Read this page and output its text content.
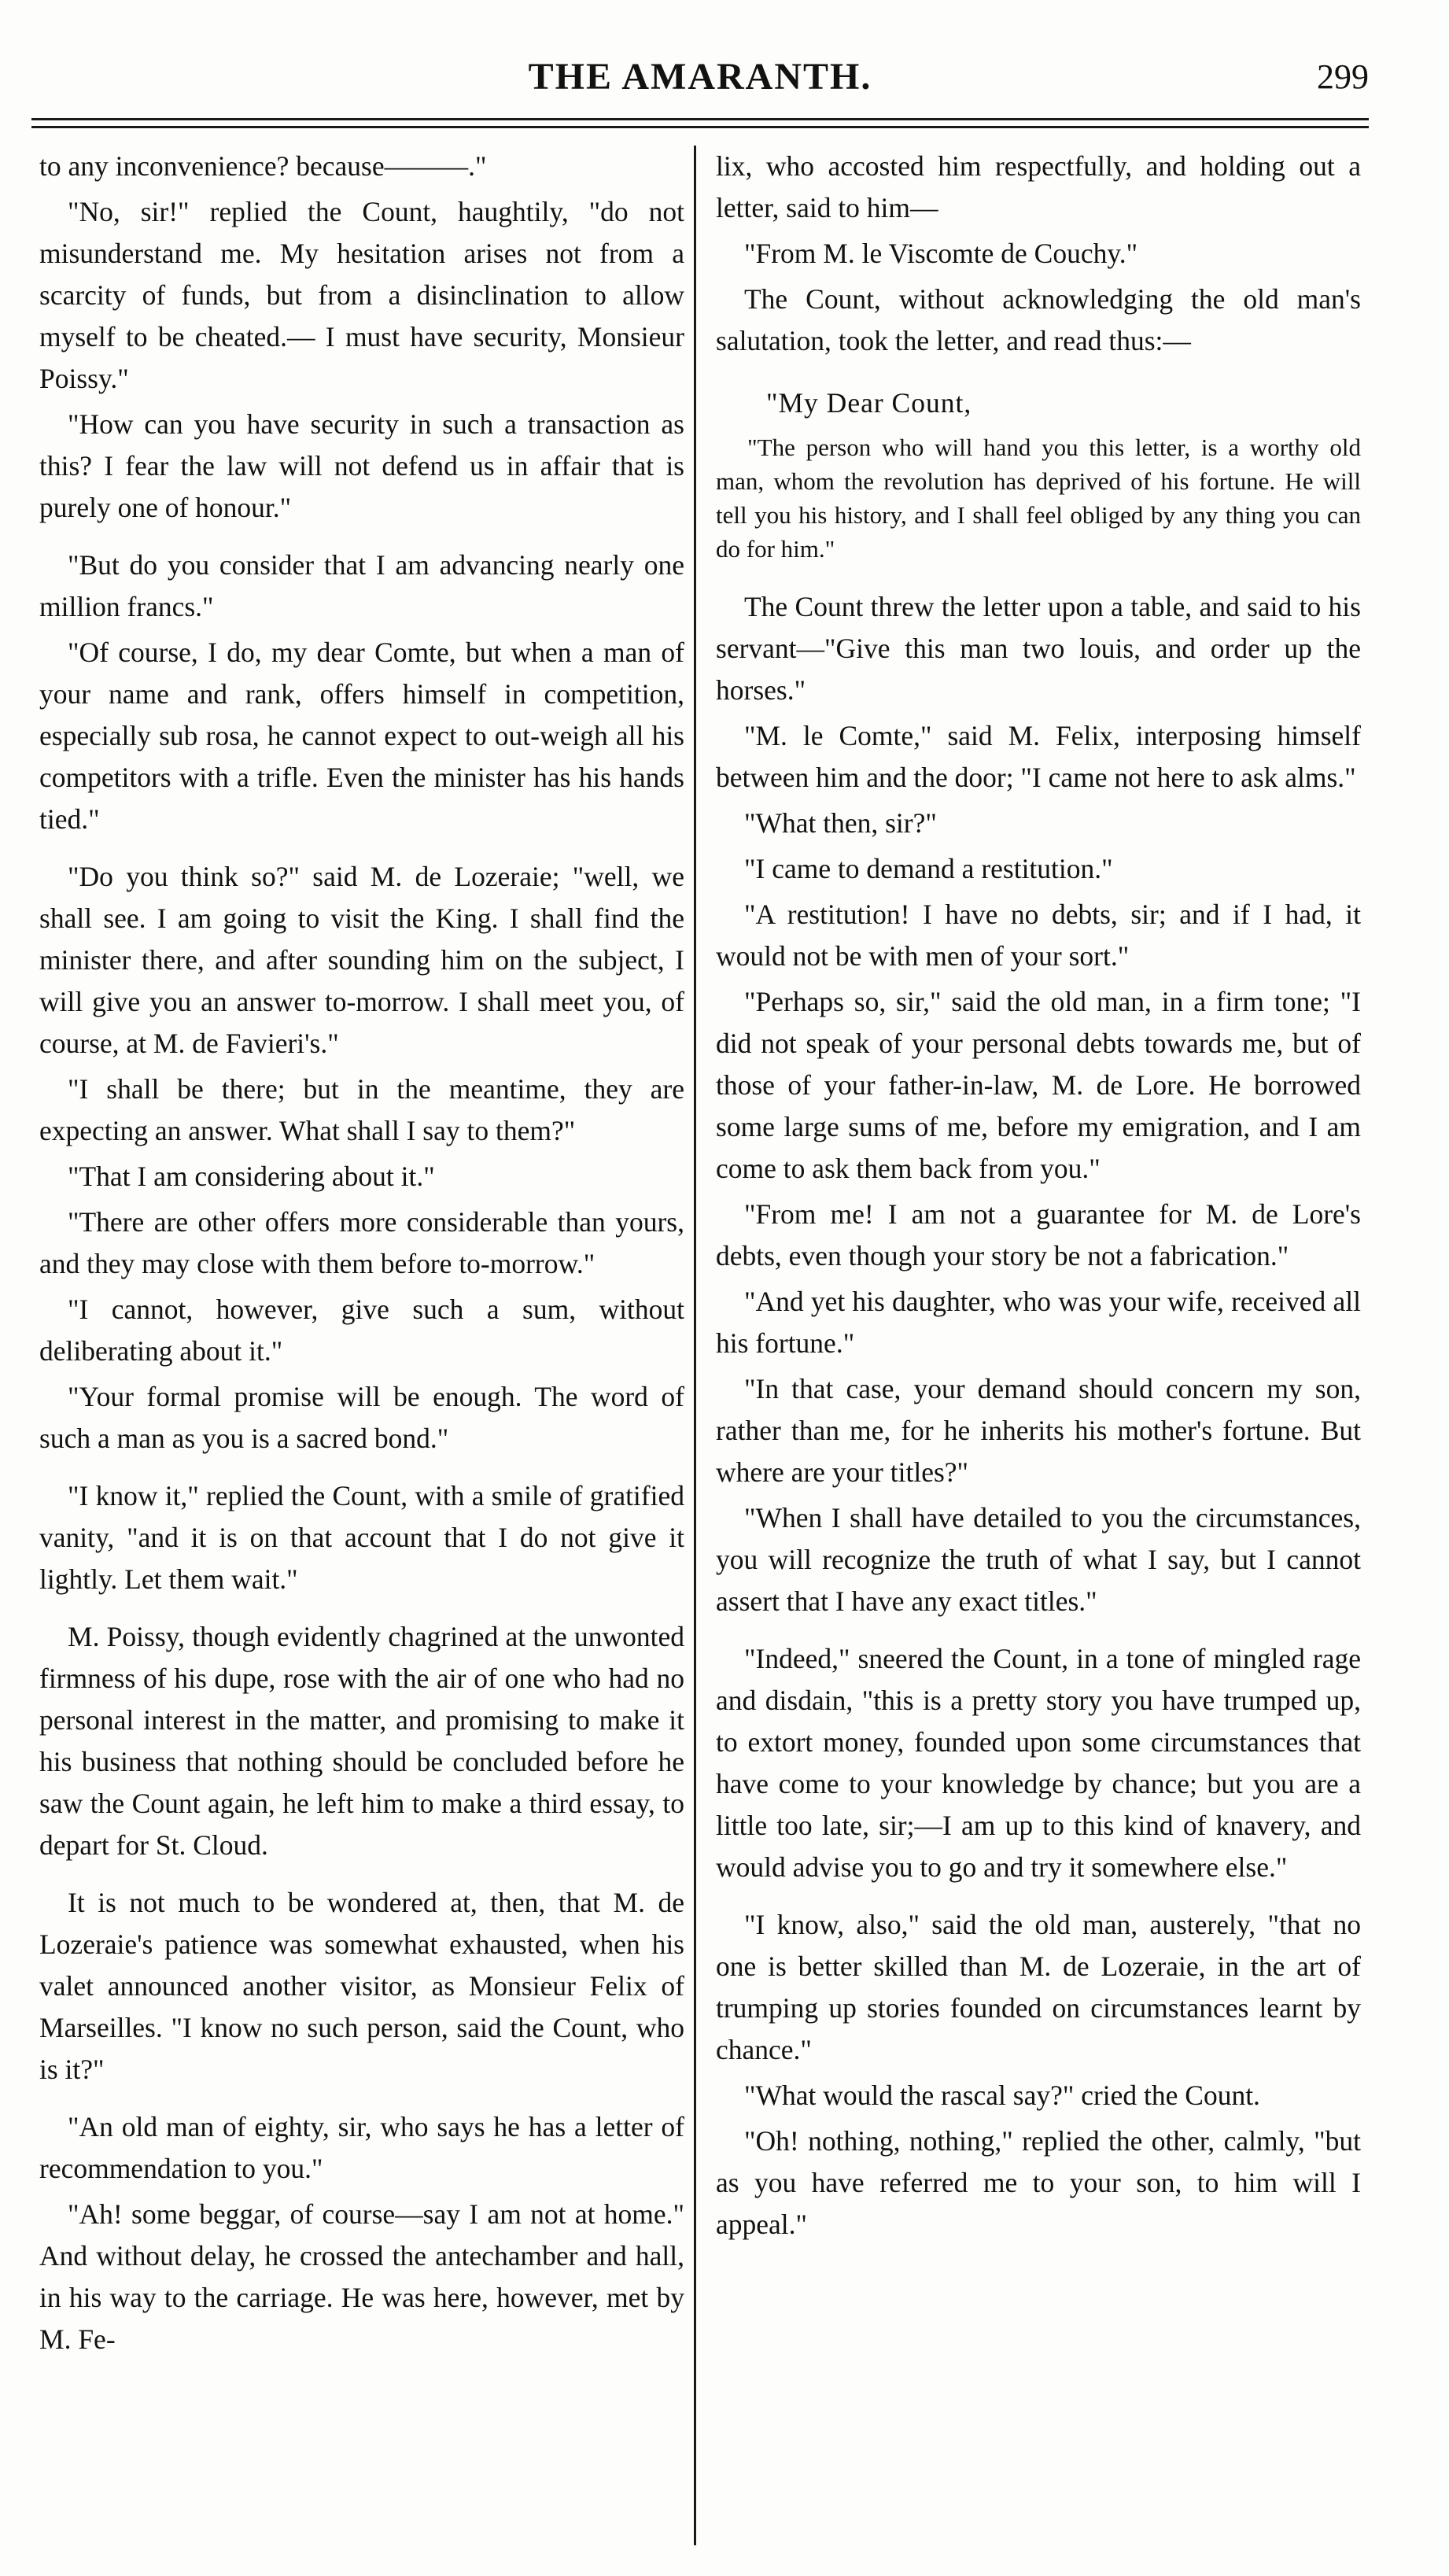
THE AMARANTH.	299

to any inconvenience? because———."

"No, sir!" replied the Count, haughtily, "do not misunderstand me. My hesitation arises not from a scarcity of funds, but from a disinclination to allow myself to be cheated.— I must have security, Monsieur Poissy."

"How can you have security in such a transaction as this? I fear the law will not defend us in affair that is purely one of honour."

"But do you consider that I am advancing nearly one million francs."

"Of course, I do, my dear Comte, but when a man of your name and rank, offers himself in competition, especially sub rosa, he cannot expect to out-weigh all his competitors with a trifle. Even the minister has his hands tied."

"Do you think so?" said M. de Lozeraie; "well, we shall see. I am going to visit the King. I shall find the minister there, and after sounding him on the subject, I will give you an answer to-morrow. I shall meet you, of course, at M. de Favieri's."

"I shall be there; but in the meantime, they are expecting an answer. What shall I say to them?"

"That I am considering about it."

"There are other offers more considerable than yours, and they may close with them before to-morrow."

"I cannot, however, give such a sum, without deliberating about it."

"Your formal promise will be enough. The word of such a man as you is a sacred bond."

"I know it," replied the Count, with a smile of gratified vanity, "and it is on that account that I do not give it lightly. Let them wait."

M. Poissy, though evidently chagrined at the unwonted firmness of his dupe, rose with the air of one who had no personal interest in the matter, and promising to make it his business that nothing should be concluded before he saw the Count again, he left him to make a third essay, to depart for St. Cloud.

It is not much to be wondered at, then, that M. de Lozeraie's patience was somewhat exhausted, when his valet announced another visitor, as Monsieur Felix of Marseilles. "I know no such person, said the Count, who is it?"

"An old man of eighty, sir, who says he has a letter of recommendation to you."

"Ah! some beggar, of course—say I am not at home." And without delay, he crossed the antechamber and hall, in his way to the carriage. He was here, however, met by M. Fe-

lix, who accosted him respectfully, and holding out a letter, said to him—

"From M. le Viscomte de Couchy."

The Count, without acknowledging the old man's salutation, took the letter, and read thus:—

"My Dear Count,

"The person who will hand you this letter, is a worthy old man, whom the revolution has deprived of his fortune. He will tell you his history, and I shall feel obliged by any thing you can do for him."

The Count threw the letter upon a table, and said to his servant—"Give this man two louis, and order up the horses."

"M. le Comte," said M. Felix, interposing himself between him and the door; "I came not here to ask alms."

"What then, sir?"

"I came to demand a restitution."

"A restitution! I have no debts, sir; and if I had, it would not be with men of your sort."

"Perhaps so, sir," said the old man, in a firm tone; "I did not speak of your personal debts towards me, but of those of your father-in-law, M. de Lore. He borrowed some large sums of me, before my emigration, and I am come to ask them back from you."

"From me! I am not a guarantee for M. de Lore's debts, even though your story be not a fabrication."

"And yet his daughter, who was your wife, received all his fortune."

"In that case, your demand should concern my son, rather than me, for he inherits his mother's fortune. But where are your titles?"

"When I shall have detailed to you the circumstances, you will recognize the truth of what I say, but I cannot assert that I have any exact titles."

"Indeed," sneered the Count, in a tone of mingled rage and disdain, "this is a pretty story you have trumped up, to extort money, founded upon some circumstances that have come to your knowledge by chance; but you are a little too late, sir;—I am up to this kind of knavery, and would advise you to go and try it somewhere else."

"I know, also," said the old man, austerely, "that no one is better skilled than M. de Lozeraie, in the art of trumping up stories founded on circumstances learnt by chance."

"What would the rascal say?" cried the Count.

"Oh! nothing, nothing," replied the other, calmly, "but as you have referred me to your son, to him will I appeal."
